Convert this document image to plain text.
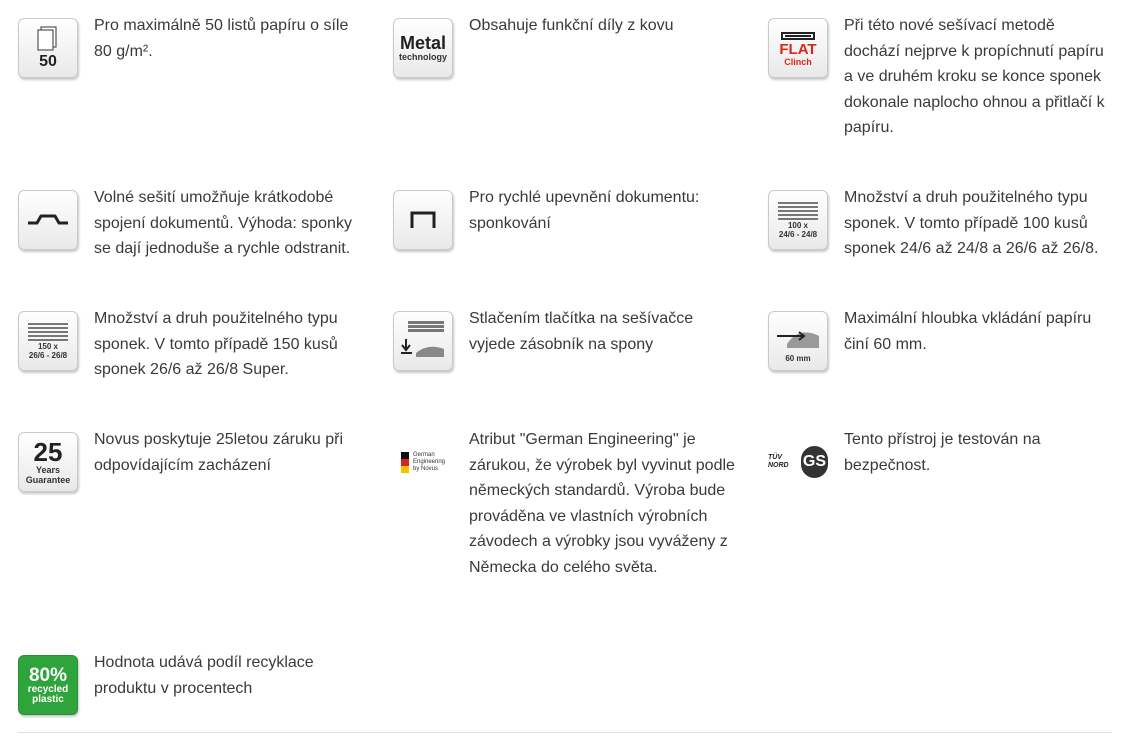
50
Pro maximálně 50 listů papíru o síle 80 g/m².	Metal
technology
Obsahuje funkční díly z kovu
FLAT
Clinch
Při této nové sešívací metodě dochází nejprve k propíchnutí papíru a ve druhém kroku se konce sponek dokonale naplocho ohnou a přitlačí k papíru.
Volné sešití umožňuje krátkodobé spojení dokumentů. Výhoda: sponky se dají jednoduše a rychle odstranit.
Pro rychlé upevnění dokumentu: sponkování	100 x
24/6 - 24/8
Množství a druh použitelného typu sponek. V tomto případě 100 kusů sponek 24/6 až 24/8 a 26/6 až 26/8.
150 x
26/6 - 26/8
Množství a druh použitelného typu sponek. V tomto případě 150 kusů sponek 26/6 až 26/8 Super.
Stlačením tlačítka na sešívačce vyjede zásobník na spony
60 mm
Maximální hloubka vkládání papíru činí 60 mm.
25
Years
Guarantee
Novus poskytuje 25letou záruku při odpovídajícím zacházení
German
Engineering
by Novus
Atribut "German Engineering" je zárukou, že výrobek byl vyvinut podle německých standardů. Výroba bude prováděna ve vlastních výrobních závodech a výrobky jsou vyváženy z Německa do celého světa.
TÜV NORD GS
Tento přístroj je testován na bezpečnost.
80%
recycled
plastic
Hodnota udává podíl recyklace produktu v procentech
